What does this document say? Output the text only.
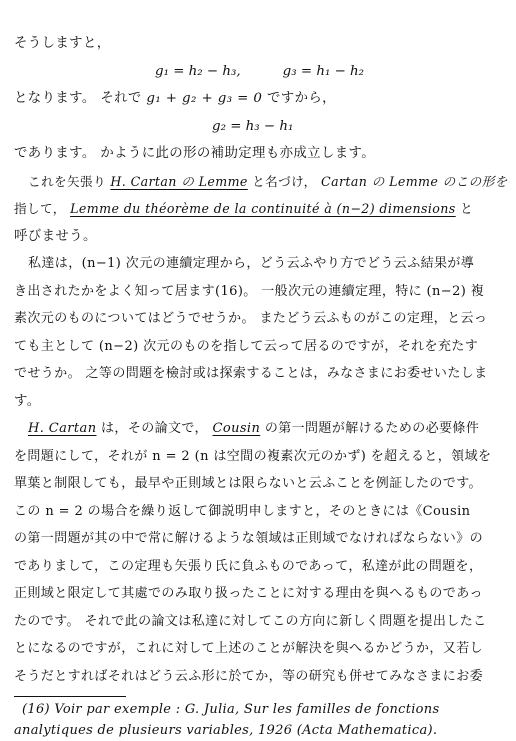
そうしますと，
g₁ = h₂ − h₃,	g₃ = h₁ − h₂
となります。 それで g₁ + g₂ + g₃ = 0 ですから，
g₂ = h₃ − h₁
であります。 かように此の形の補助定理も亦成立します。
これを矢張り H. Cartan の Lemme と名づけ， Cartan の Lemme のこの形を
指して， Lemme du théorème de la continuité à (n−2) dimensions と
呼びませう。
私達は，(n−1) 次元の連續定理から，どう云ふやり方でどう云ふ結果が導
き出されたかをよく知って居ます(16)。 一般次元の連續定理，特に (n−2) 複
素次元のものについてはどうでせうか。 またどう云ふものがこの定理，と云っ
ても主として (n−2) 次元のものを指して云って居るのですが，それを充たす
でせうか。 之等の問題を檢討或は探索することは，みなさまにお委せいたしま
す。
H. Cartan は，その論文で， Cousin の第一問題が解けるための必要條件
を問題にして，それが n = 2 (n は空間の複素次元のかず) を超えると，領域を
單葉と制限しても，最早や正則域とは限らないと云ふことを例証したのです。
この n = 2 の場合を繰り返して御説明申しますと，そのときには《Cousin
の第一問題が其の中で常に解けるような領域は正則域でなければならない》の
でありまして，この定理も矢張り氏に負ふものであって，私達が此の問題を，
正則域と限定して其處でのみ取り扱ったことに対する理由を與へるものであっ
たのです。 それで此の論文は私達に対してこの方向に新しく問題を提出したこ
とになるのですが，これに対して上述のことが解決を與へるかどうか，又若し
そうだとすればそれはどう云ふ形に於てか，等の研究も併せてみなさまにお委
(16) Voir par exemple : G. Julia, Sur les familles de fonctions
analytiques de plusieurs variables, 1926 (Acta Mathematica).
